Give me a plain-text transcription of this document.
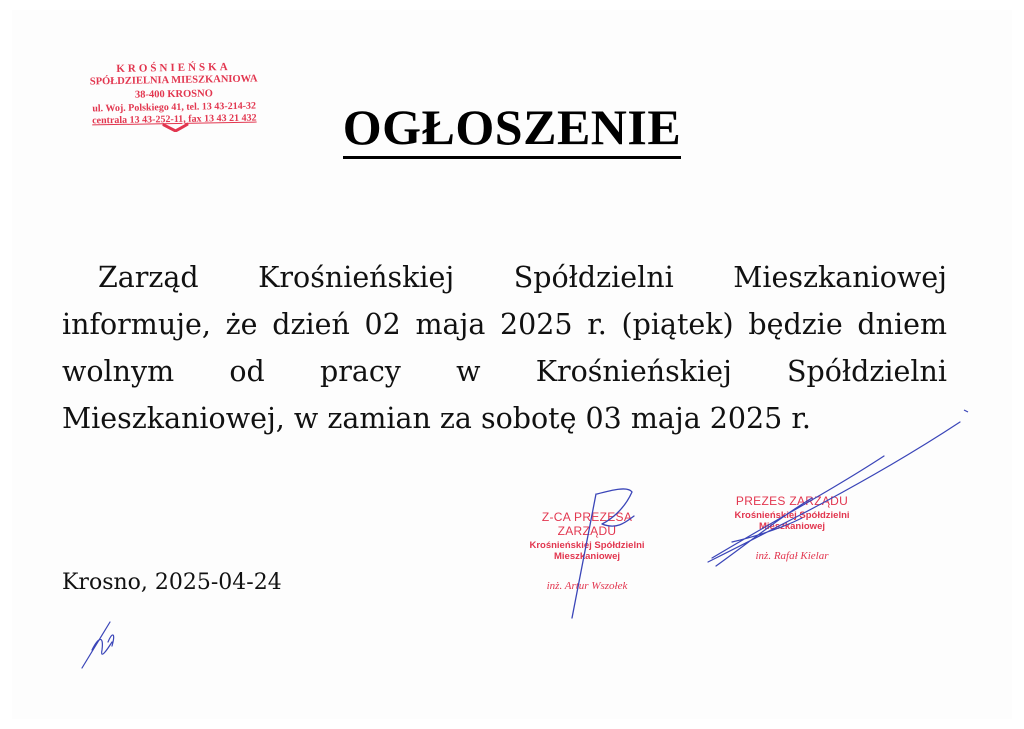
KROŚNIEŃSKA
SPÓŁDZIELNIA MIESZKANIOWA
38-400 KROSNO
ul. Woj. Polskiego 41, tel. 13 43-214-32
centrala 13 43-252-11, fax 13 43 21 432	OGŁOSZENIE

Zarząd Krośnieńskiej Spółdzielni Mieszkaniowej informuje, że dzień 02 maja 2025 r. (piątek) będzie dniem wolnym od pracy w Krośnieńskiej Spółdzielni Mieszkaniowej, w zamian za sobotę 03 maja 2025 r.

Krosno, 2025-04-24
Z-CA PREZESA ZARZĄDU
Krośnieńskiej Spółdzielni Mieszkaniowej
inż. Artur Wszołek
PREZES ZARZĄDU
Krośnieńskiej Spółdzielni Mieszkaniowej
inż. Rafał Kielar
